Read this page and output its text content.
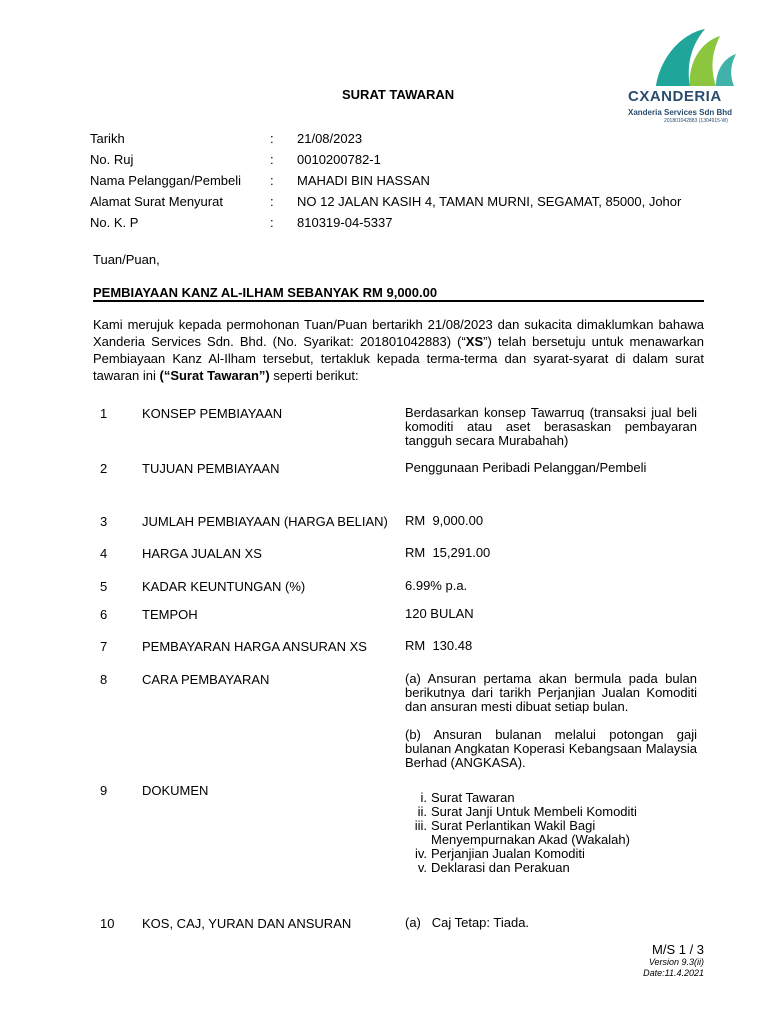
CXANDERIA
Xanderia Services Sdn Bhd
201801042883 (1304915-W)
SURAT TAWARAN
Tarikh	: 21/08/2023
No. Ruj	: 0010200782-1
Nama Pelanggan/Pembeli : MAHADI BIN HASSAN
Alamat Surat Menyurat	: NO 12 JALAN KASIH 4, TAMAN MURNI, SEGAMAT, 85000, Johor
No. K. P	: 810319-04-5337
Tuan/Puan,
PEMBIAYAAN KANZ AL-ILHAM SEBANYAK RM 9,000.00
Kami merujuk kepada permohonan Tuan/Puan bertarikh 21/08/2023 dan sukacita dimaklumkan bahawa Xanderia Services Sdn. Bhd. (No. Syarikat: 201801042883) (“XS”) telah bersetuju untuk menawarkan Pembiayaan Kanz Al-Ilham tersebut, tertakluk kepada terma-terma dan syarat-syarat di dalam surat tawaran ini (“Surat Tawaran”) seperti berikut:
1	KONSEP PEMBIAYAAN	Berdasarkan konsep Tawarruq (transaksi jual beli komoditi atau aset berasaskan pembayaran tangguh secara Murabahah)
2	TUJUAN PEMBIAYAAN	Penggunaan Peribadi Pelanggan/Pembeli
3	JUMLAH PEMBIAYAAN (HARGA BELIAN) RM  9,000.00
4	HARGA JUALAN XS	RM  15,291.00
5	KADAR KEUNTUNGAN (%)	6.99% p.a.
6	TEMPOH	120 BULAN
7	PEMBAYARAN HARGA ANSURAN XS	RM  130.48
8	CARA PEMBAYARAN	(a) Ansuran pertama akan bermula pada bulan berikutnya dari tarikh Perjanjian Jualan Komoditi dan ansuran mesti dibuat setiap bulan.
(b) Ansuran bulanan melalui potongan gaji bulanan Angkatan Koperasi Kebangsaan Malaysia Berhad (ANGKASA).
9	DOKUMEN	i. Surat Tawaran
ii. Surat Janji Untuk Membeli Komoditi
iii. Surat Perlantikan Wakil Bagi Menyempurnakan Akad (Wakalah)
iv. Perjanjian Jualan Komoditi
v. Deklarasi dan Perakuan
10 KOS, CAJ, YURAN DAN ANSURAN	(a)   Caj Tetap: Tiada.
M/S 1 / 3
Version 9.3(ii)
Date:11.4.2021
